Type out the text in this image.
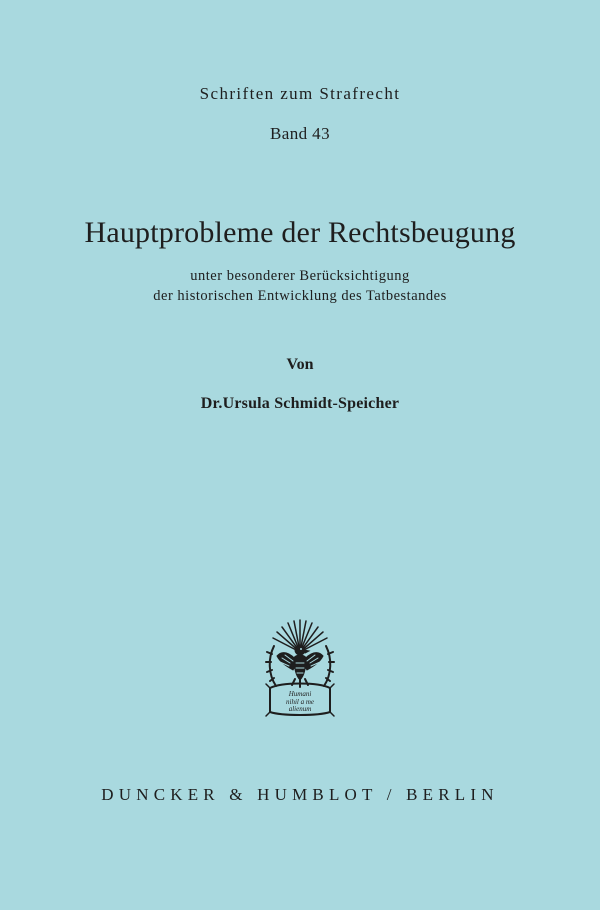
Schriften zum Strafrecht
Band 43
Hauptprobleme der Rechtsbeugung
unter besonderer Berücksichtigung
der historischen Entwicklung des Tatbestandes
Von
Dr.Ursula Schmidt-Speicher
Humani
nihil a me
alienum
DUNCKER & HUMBLOT / BERLIN
